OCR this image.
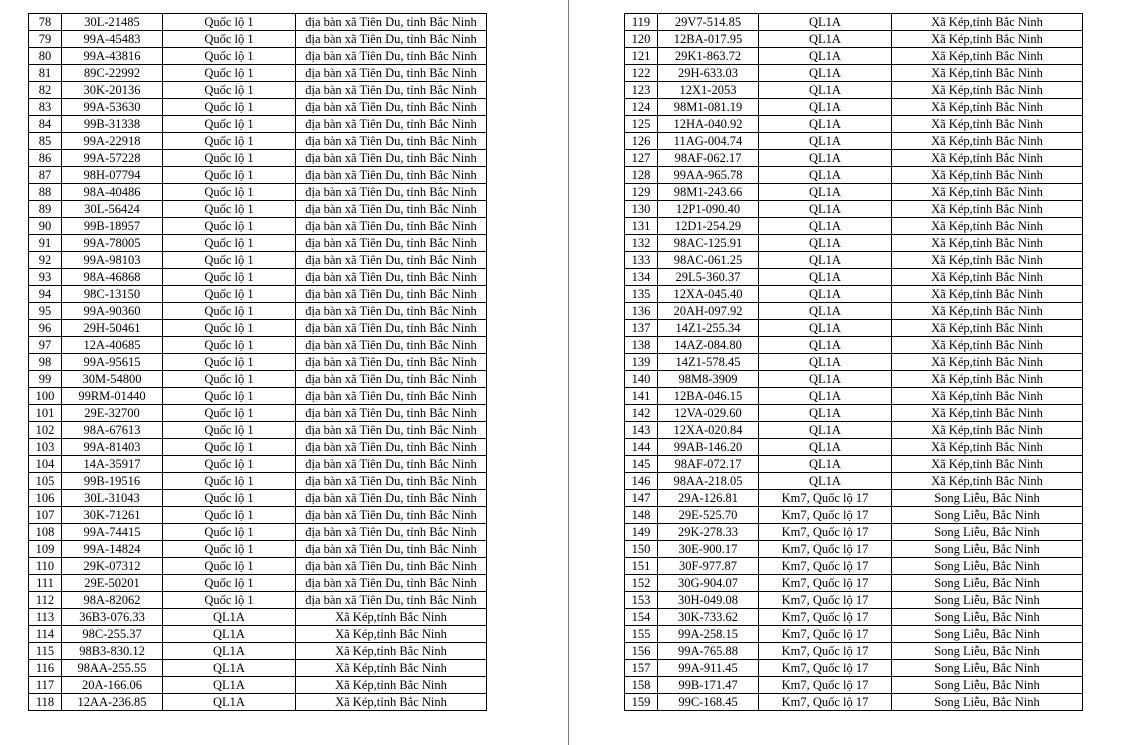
78	30L-21485	Quốc lộ 1	địa bàn xã Tiên Du, tỉnh Bắc Ninh
79	99A-45483	Quốc lộ 1	địa bàn xã Tiên Du, tỉnh Bắc Ninh
80	99A-43816	Quốc lộ 1	địa bàn xã Tiên Du, tỉnh Bắc Ninh
81	89C-22992	Quốc lộ 1	địa bàn xã Tiên Du, tỉnh Bắc Ninh
82	30K-20136	Quốc lộ 1	địa bàn xã Tiên Du, tỉnh Bắc Ninh
83	99A-53630	Quốc lộ 1	địa bàn xã Tiên Du, tỉnh Bắc Ninh
84	99B-31338	Quốc lộ 1	địa bàn xã Tiên Du, tỉnh Bắc Ninh
85	99A-22918	Quốc lộ 1	địa bàn xã Tiên Du, tỉnh Bắc Ninh
86	99A-57228	Quốc lộ 1	địa bàn xã Tiên Du, tỉnh Bắc Ninh
87	98H-07794	Quốc lộ 1	địa bàn xã Tiên Du, tỉnh Bắc Ninh
88	98A-40486	Quốc lộ 1	địa bàn xã Tiên Du, tỉnh Bắc Ninh
89	30L-56424	Quốc lộ 1	địa bàn xã Tiên Du, tỉnh Bắc Ninh
90	99B-18957	Quốc lộ 1	địa bàn xã Tiên Du, tỉnh Bắc Ninh
91	99A-78005	Quốc lộ 1	địa bàn xã Tiên Du, tỉnh Bắc Ninh
92	99A-98103	Quốc lộ 1	địa bàn xã Tiên Du, tỉnh Bắc Ninh
93	98A-46868	Quốc lộ 1	địa bàn xã Tiên Du, tỉnh Bắc Ninh
94	98C-13150	Quốc lộ 1	địa bàn xã Tiên Du, tỉnh Bắc Ninh
95	99A-90360	Quốc lộ 1	địa bàn xã Tiên Du, tỉnh Bắc Ninh
96	29H-50461	Quốc lộ 1	địa bàn xã Tiên Du, tỉnh Bắc Ninh
97	12A-40685	Quốc lộ 1	địa bàn xã Tiên Du, tỉnh Bắc Ninh
98	99A-95615	Quốc lộ 1	địa bàn xã Tiên Du, tỉnh Bắc Ninh
99	30M-54800	Quốc lộ 1	địa bàn xã Tiên Du, tỉnh Bắc Ninh
100	99RM-01440	Quốc lộ 1	địa bàn xã Tiên Du, tỉnh Bắc Ninh
101	29E-32700	Quốc lộ 1	địa bàn xã Tiên Du, tỉnh Bắc Ninh
102	98A-67613	Quốc lộ 1	địa bàn xã Tiên Du, tỉnh Bắc Ninh
103	99A-81403	Quốc lộ 1	địa bàn xã Tiên Du, tỉnh Bắc Ninh
104	14A-35917	Quốc lộ 1	địa bàn xã Tiên Du, tỉnh Bắc Ninh
105	99B-19516	Quốc lộ 1	địa bàn xã Tiên Du, tỉnh Bắc Ninh
106	30L-31043	Quốc lộ 1	địa bàn xã Tiên Du, tỉnh Bắc Ninh
107	30K-71261	Quốc lộ 1	địa bàn xã Tiên Du, tỉnh Bắc Ninh
108	99A-74415	Quốc lộ 1	địa bàn xã Tiên Du, tỉnh Bắc Ninh
109	99A-14824	Quốc lộ 1	địa bàn xã Tiên Du, tỉnh Bắc Ninh
110	29K-07312	Quốc lộ 1	địa bàn xã Tiên Du, tỉnh Bắc Ninh
111	29E-50201	Quốc lộ 1	địa bàn xã Tiên Du, tỉnh Bắc Ninh
112	98A-82062	Quốc lộ 1	địa bàn xã Tiên Du, tỉnh Bắc Ninh
113	36B3-076.33	QL1A	Xã Kép,tỉnh Bắc Ninh
114	98C-255.37	QL1A	Xã Kép,tỉnh Bắc Ninh
115	98B3-830.12	QL1A	Xã Kép,tỉnh Bắc Ninh
116	98AA-255.55	QL1A	Xã Kép,tỉnh Bắc Ninh
117	20A-166.06	QL1A	Xã Kép,tỉnh Bắc Ninh
118	12AA-236.85	QL1A	Xã Kép,tỉnh Bắc Ninh
119	29V7-514.85	QL1A	Xã Kép,tỉnh Bắc Ninh
120	12BA-017.95	QL1A	Xã Kép,tỉnh Bắc Ninh
121	29K1-863.72	QL1A	Xã Kép,tỉnh Bắc Ninh
122	29H-633.03	QL1A	Xã Kép,tỉnh Bắc Ninh
123	12X1-2053	QL1A	Xã Kép,tỉnh Bắc Ninh
124	98M1-081.19	QL1A	Xã Kép,tỉnh Bắc Ninh
125	12HA-040.92	QL1A	Xã Kép,tỉnh Bắc Ninh
126	11AG-004.74	QL1A	Xã Kép,tỉnh Bắc Ninh
127	98AF-062.17	QL1A	Xã Kép,tỉnh Bắc Ninh
128	99AA-965.78	QL1A	Xã Kép,tỉnh Bắc Ninh
129	98M1-243.66	QL1A	Xã Kép,tỉnh Bắc Ninh
130	12P1-090.40	QL1A	Xã Kép,tỉnh Bắc Ninh
131	12D1-254.29	QL1A	Xã Kép,tỉnh Bắc Ninh
132	98AC-125.91	QL1A	Xã Kép,tỉnh Bắc Ninh
133	98AC-061.25	QL1A	Xã Kép,tỉnh Bắc Ninh
134	29L5-360.37	QL1A	Xã Kép,tỉnh Bắc Ninh
135	12XA-045.40	QL1A	Xã Kép,tỉnh Bắc Ninh
136	20AH-097.92	QL1A	Xã Kép,tỉnh Bắc Ninh
137	14Z1-255.34	QL1A	Xã Kép,tỉnh Bắc Ninh
138	14AZ-084.80	QL1A	Xã Kép,tỉnh Bắc Ninh
139	14Z1-578.45	QL1A	Xã Kép,tỉnh Bắc Ninh
140	98M8-3909	QL1A	Xã Kép,tỉnh Bắc Ninh
141	12BA-046.15	QL1A	Xã Kép,tỉnh Bắc Ninh
142	12VA-029.60	QL1A	Xã Kép,tỉnh Bắc Ninh
143	12XA-020.84	QL1A	Xã Kép,tỉnh Bắc Ninh
144	99AB-146.20	QL1A	Xã Kép,tỉnh Bắc Ninh
145	98AF-072.17	QL1A	Xã Kép,tỉnh Bắc Ninh
146	98AA-218.05	QL1A	Xã Kép,tỉnh Bắc Ninh
147	29A-126.81	Km7, Quốc lộ 17	Song Liễu, Bắc Ninh
148	29E-525.70	Km7, Quốc lộ 17	Song Liễu, Bắc Ninh
149	29K-278.33	Km7, Quốc lộ 17	Song Liễu, Bắc Ninh
150	30E-900.17	Km7, Quốc lộ 17	Song Liễu, Bắc Ninh
151	30F-977.87	Km7, Quốc lộ 17	Song Liễu, Bắc Ninh
152	30G-904.07	Km7, Quốc lộ 17	Song Liễu, Bắc Ninh
153	30H-049.08	Km7, Quốc lộ 17	Song Liễu, Bắc Ninh
154	30K-733.62	Km7, Quốc lộ 17	Song Liễu, Bắc Ninh
155	99A-258.15	Km7, Quốc lộ 17	Song Liễu, Bắc Ninh
156	99A-765.88	Km7, Quốc lộ 17	Song Liễu, Bắc Ninh
157	99A-911.45	Km7, Quốc lộ 17	Song Liễu, Bắc Ninh
158	99B-171.47	Km7, Quốc lộ 17	Song Liễu, Bắc Ninh
159	99C-168.45	Km7, Quốc lộ 17	Song Liễu, Bắc Ninh
